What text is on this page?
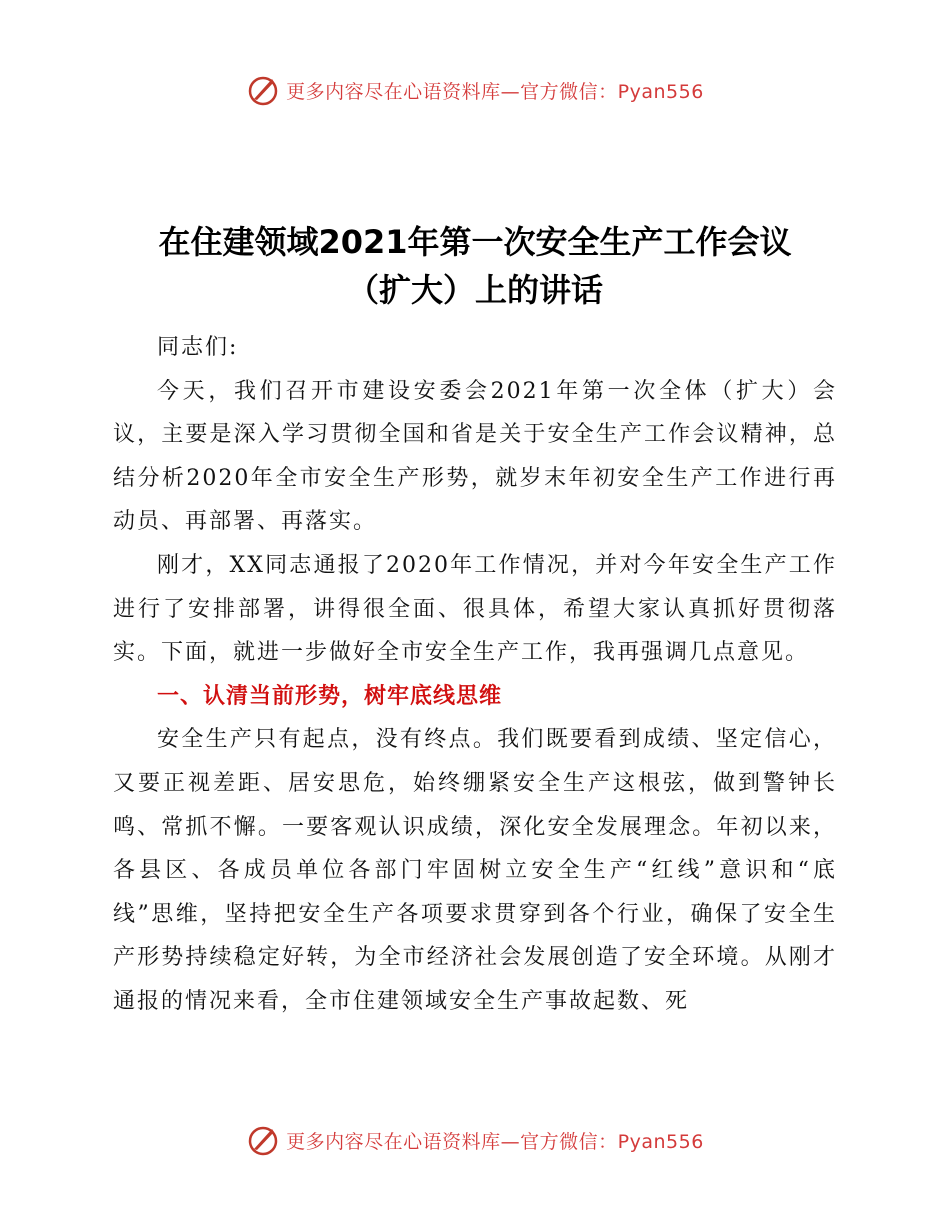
更多内容尽在心语资料库—官方微信：Pyan556
在住建领域2021年第一次安全生产工作会议
（扩大）上的讲话

同志们:

今天，我们召开市建设安委会2021年第一次全体（扩大）会议，主要是深入学习贯彻全国和省是关于安全生产工作会议精神，总结分析2020年全市安全生产形势，就岁末年初安全生产工作进行再动员、再部署、再落实。

刚才，XX同志通报了2020年工作情况，并对今年安全生产工作进行了安排部署，讲得很全面、很具体，希望大家认真抓好贯彻落实。下面，就进一步做好全市安全生产工作，我再强调几点意见。

一、认清当前形势，树牢底线思维

安全生产只有起点，没有终点。我们既要看到成绩、坚定信心，又要正视差距、居安思危，始终绷紧安全生产这根弦，做到警钟长鸣、常抓不懈。一要客观认识成绩，深化安全发展理念。年初以来，各县区、各成员单位各部门牢固树立安全生产“红线”意识和“底线”思维，坚持把安全生产各项要求贯穿到各个行业，确保了安全生产形势持续稳定好转，为全市经济社会发展创造了安全环境。从刚才通报的情况来看，全市住建领域安全生产事故起数、死

更多内容尽在心语资料库—官方微信：Pyan556
